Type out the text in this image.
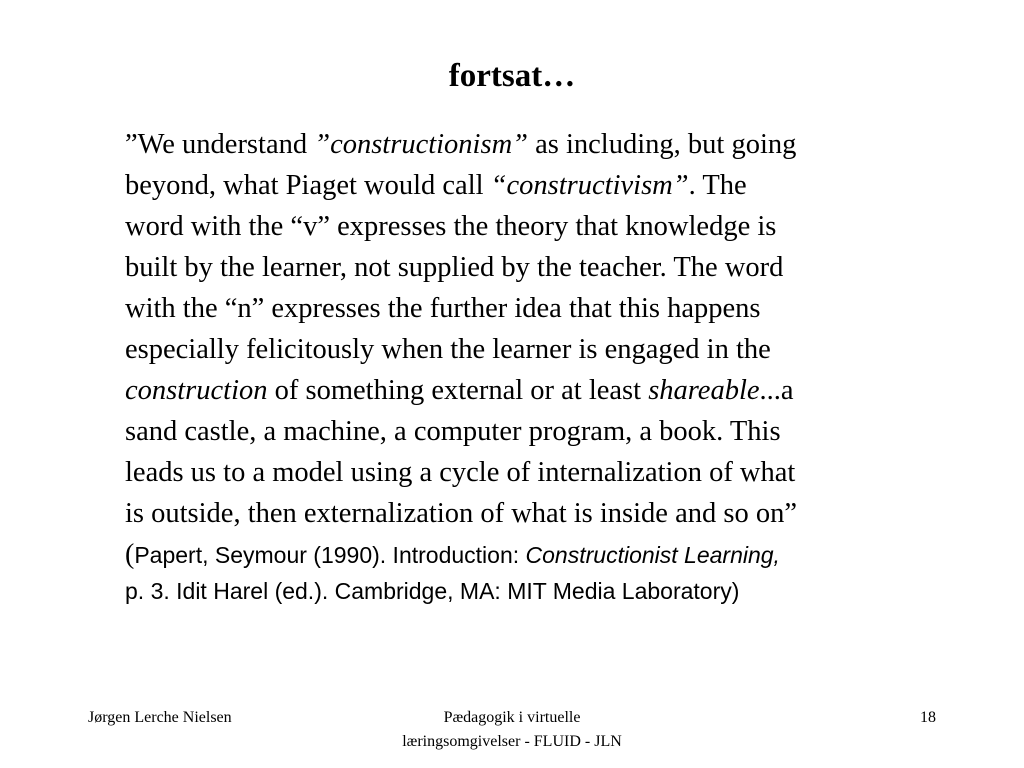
fortsat…
”We understand ”constructionism” as including, but going
beyond, what Piaget would call “constructivism”. The
word with the “v” expresses the theory that knowledge is
built by the learner, not supplied by the teacher. The word
with the “n” expresses the further idea that this happens
especially felicitously when the learner is engaged in the
construction of something external or at least shareable...a
sand castle, a machine, a computer program, a book. This
leads us to a model using a cycle of internalization of what
is outside, then externalization of what is inside and so on”
(Papert, Seymour (1990). Introduction: Constructionist Learning,
p. 3. Idit Harel (ed.). Cambridge, MA: MIT Media Laboratory)
Jørgen Lerche Nielsen	Pædagogik i virtuelle
læringsomgivelser - FLUID - JLN
18
